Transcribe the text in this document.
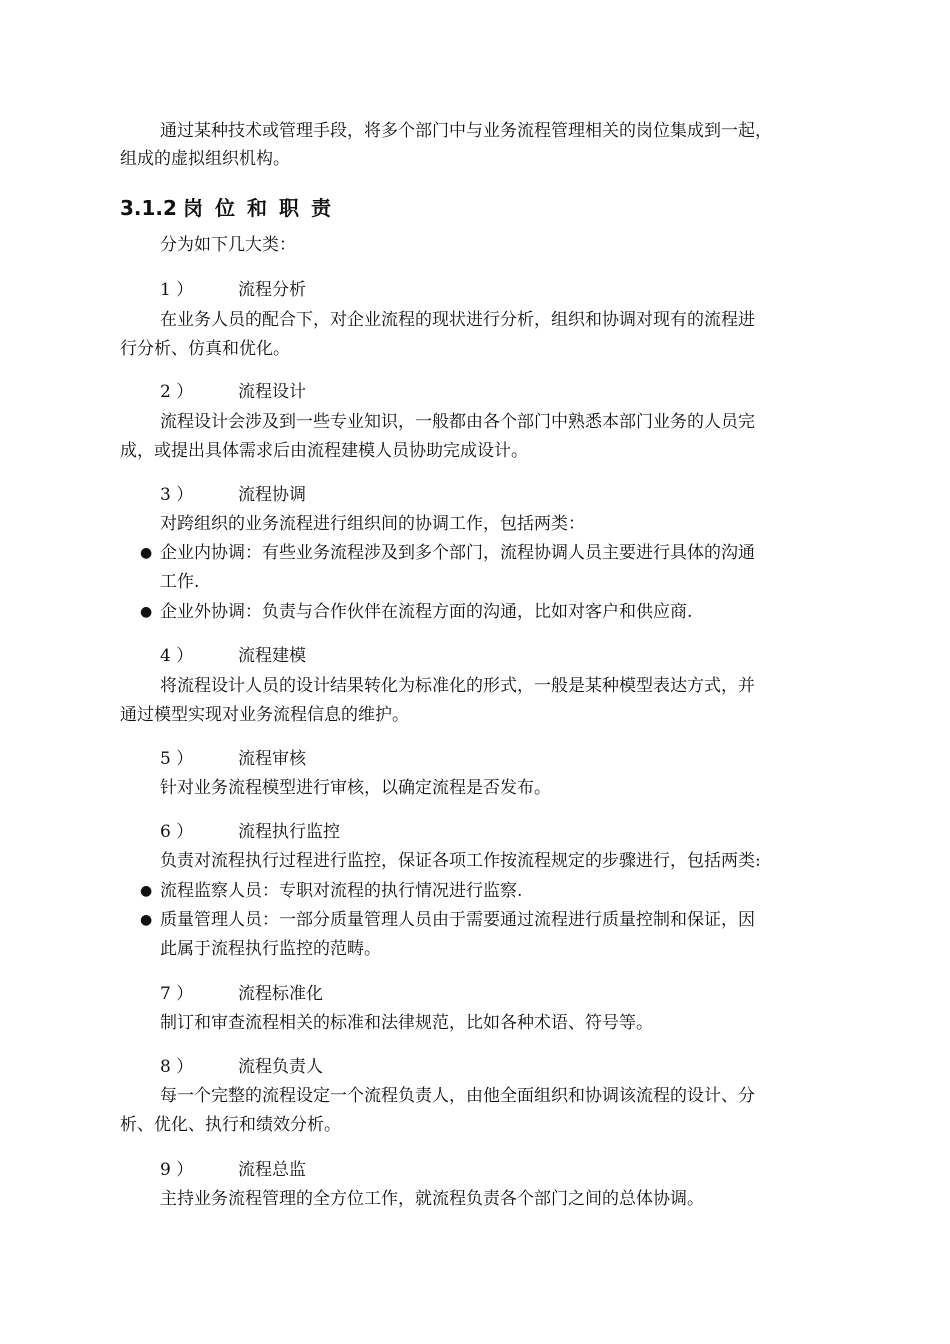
通过某种技术或管理手段，将多个部门中与业务流程管理相关的岗位集成到一起，
组成的虚拟组织机构。
3.1.2 岗位和职责
分为如下几大类：
1 ）	流程分析
在业务人员的配合下，对企业流程的现状进行分析，组织和协调对现有的流程进
行分析、仿真和优化。
2 ）	流程设计
流程设计会涉及到一些专业知识，一般都由各个部门中熟悉本部门业务的人员完
成，或提出具体需求后由流程建模人员协助完成设计。
3 ）	流程协调
对跨组织的业务流程进行组织间的协调工作，包括两类：
● 企业内协调：有些业务流程涉及到多个部门，流程协调人员主要进行具体的沟通
工作.
● 企业外协调：负责与合作伙伴在流程方面的沟通，比如对客户和供应商.
4 ）	流程建模
将流程设计人员的设计结果转化为标准化的形式，一般是某种模型表达方式，并
通过模型实现对业务流程信息的维护。
5 ）	流程审核
针对业务流程模型进行审核，以确定流程是否发布。
6 ）	流程执行监控
负责对流程执行过程进行监控，保证各项工作按流程规定的步骤进行，包括两类:
● 流程监察人员：专职对流程的执行情况进行监察.
● 质量管理人员：一部分质量管理人员由于需要通过流程进行质量控制和保证，因
此属于流程执行监控的范畴。
7 ）	流程标准化
制订和审查流程相关的标准和法律规范，比如各种术语、符号等。
8 ）	流程负责人
每一个完整的流程设定一个流程负责人，由他全面组织和协调该流程的设计、分
析、优化、执行和绩效分析。
9 ）	流程总监
主持业务流程管理的全方位工作，就流程负责各个部门之间的总体协调。
